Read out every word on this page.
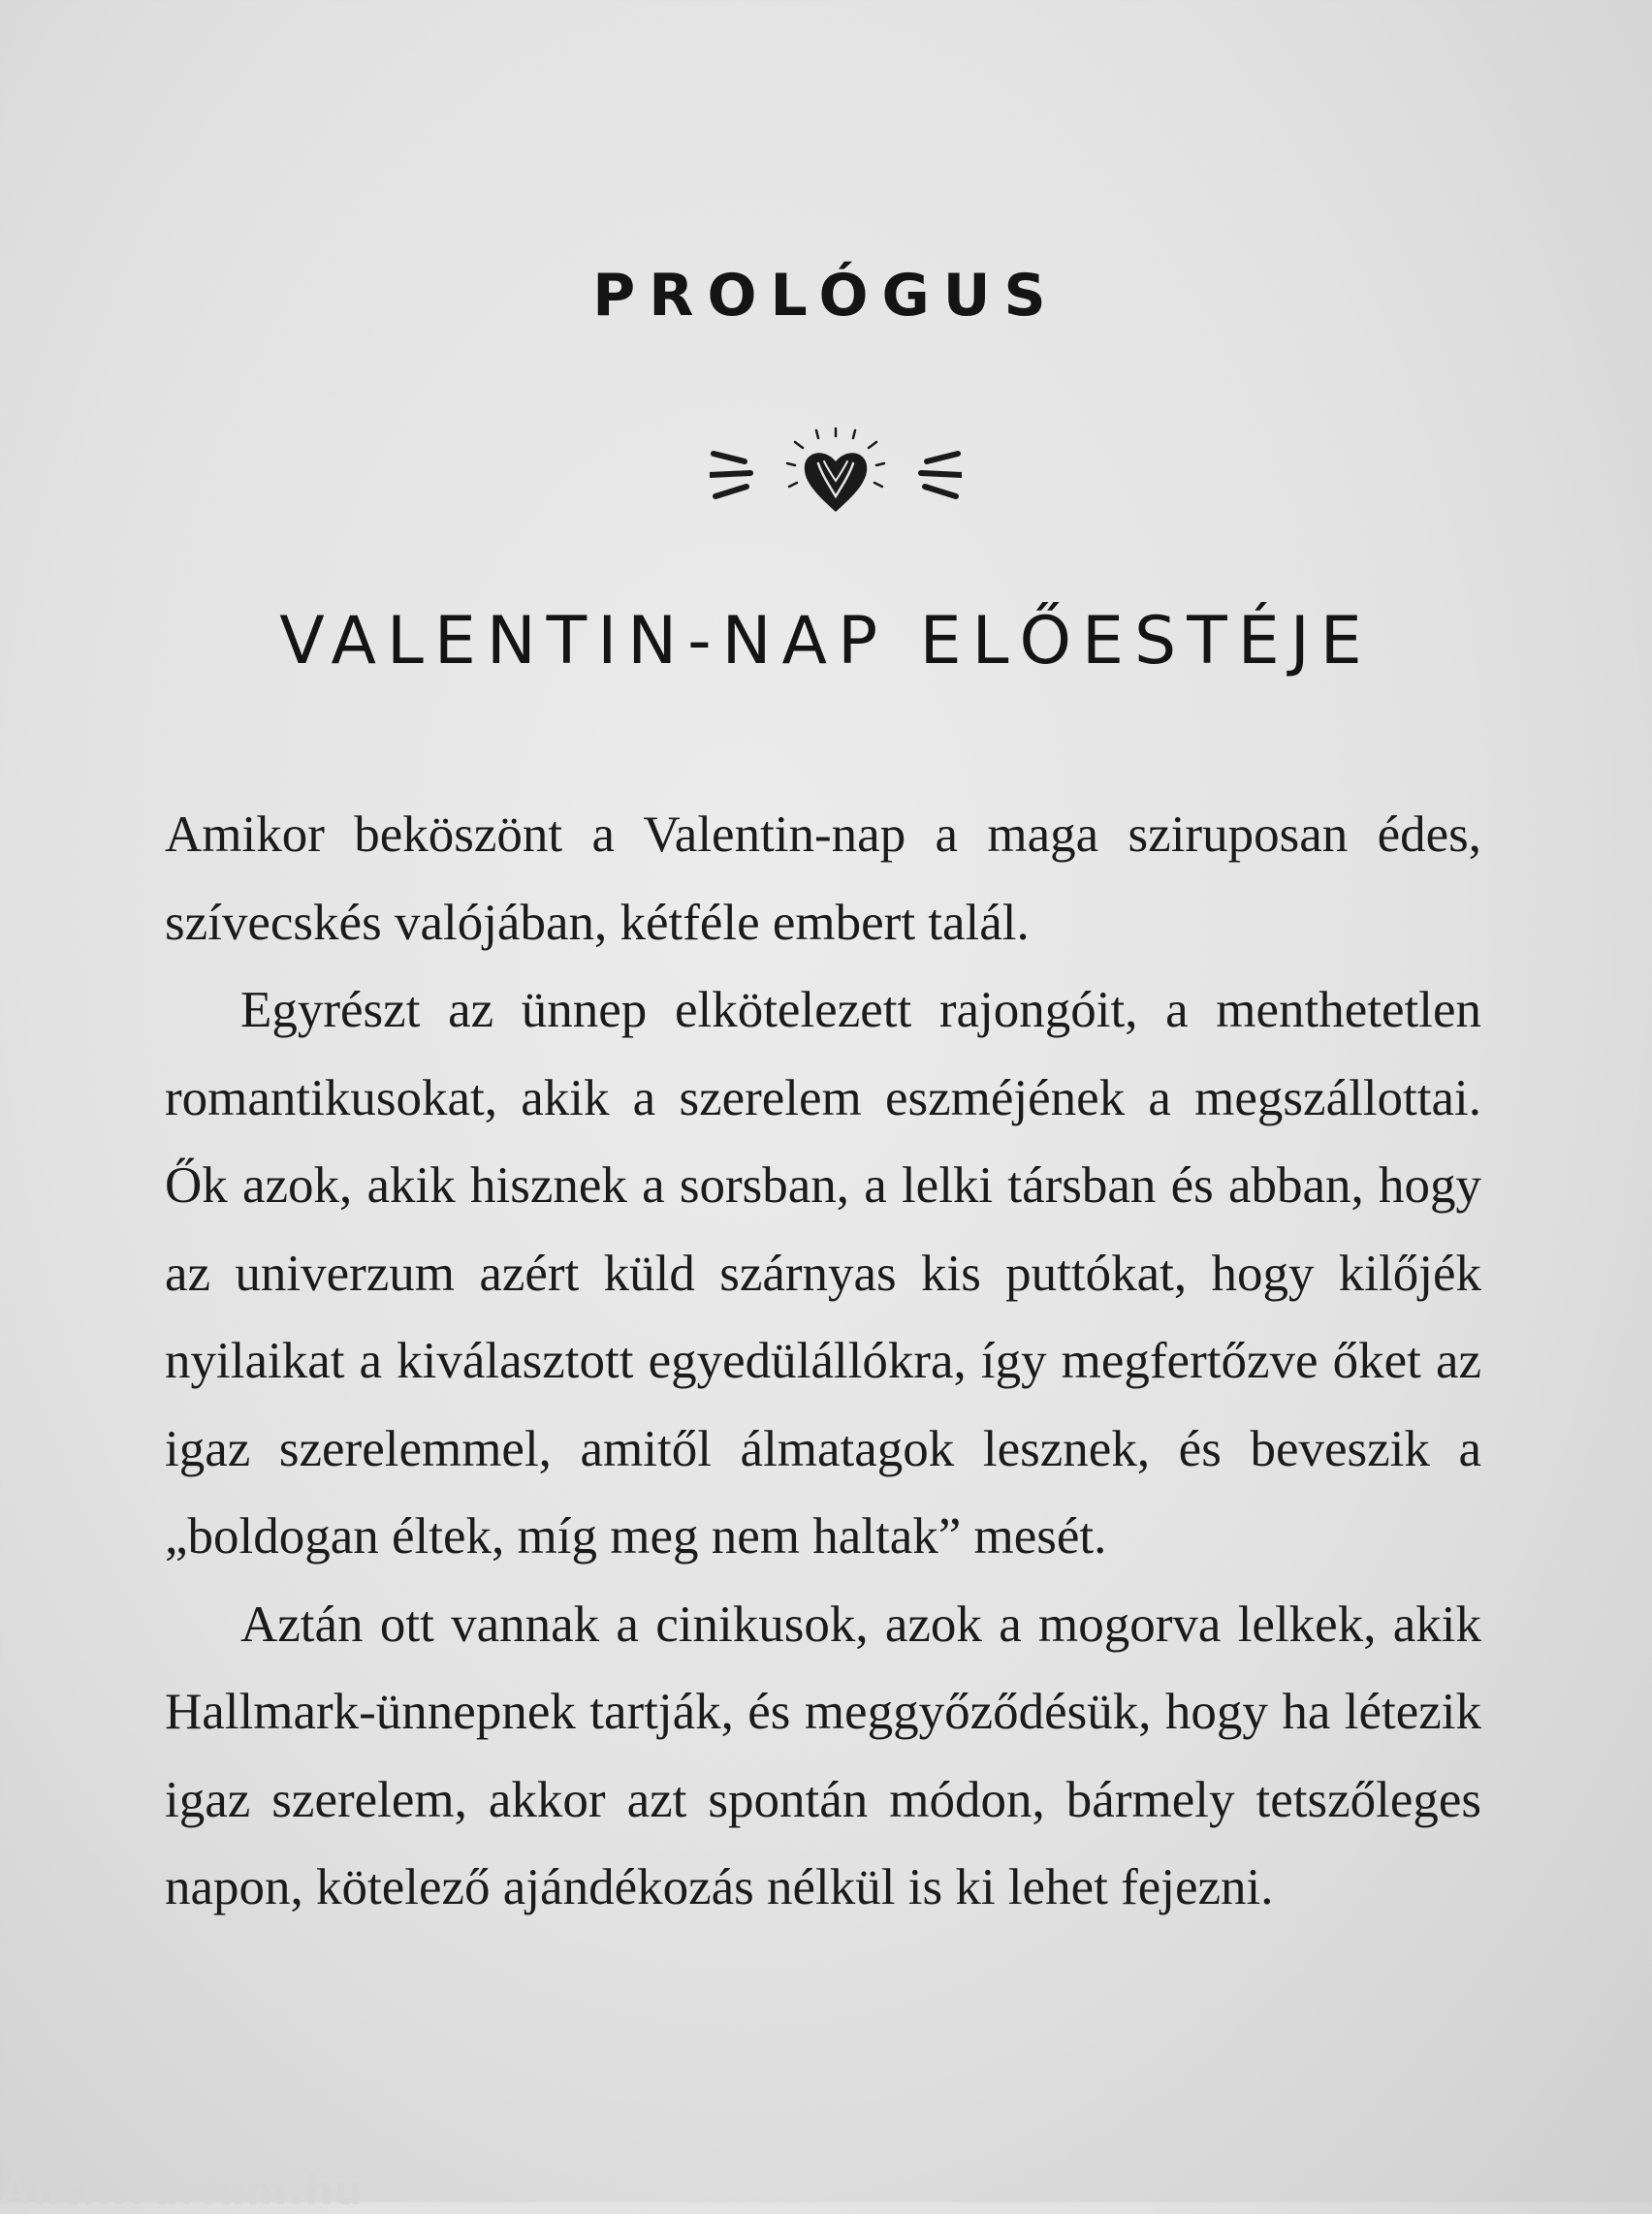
PROLÓGUS
VALENTIN-NAP ELŐESTÉJE

Amikor beköszönt a Valentin-nap a maga sziruposan édes, szívecskés valójában, kétféle embert talál.

Egyrészt az ünnep elkötelezett rajongóit, a menthetetlen romantikusokat, akik a szerelem eszméjének a megszállottai. Ők azok, akik hisznek a sorsban, a lelki társban és abban, hogy az univerzum azért küld szárnyas kis puttókat, hogy kilőjék nyilaikat a kiválasztott egyedülállókra, így megfertőzve őket az igaz szerelemmel, amitől álmatagok lesznek, és beveszik a „boldogan éltek, míg meg nem haltak” mesét.

Aztán ott vannak a cinikusok, azok a mogorva lelkek, akik Hallmark-ünnepnek tartják, és meggyőződésük, hogy ha létezik igaz szerelem, akkor azt spontán módon, bármely tetszőleges napon, kötelező ajándékozás nélkül is ki lehet fejezni.

Antikvárium.hu
